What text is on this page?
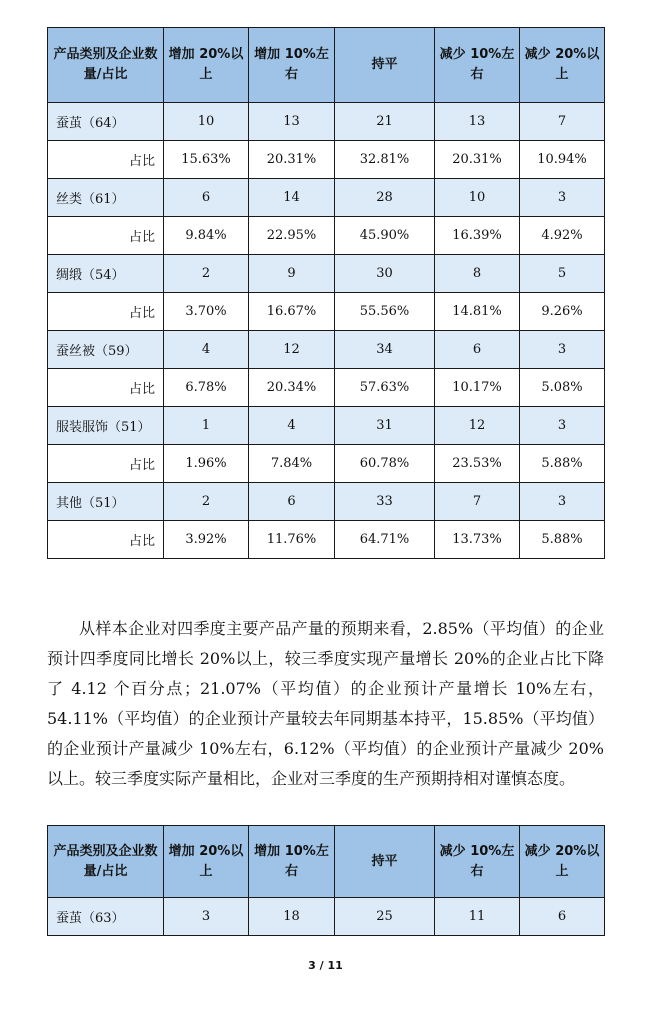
产品类别及企业数量/占比	增加 20%以上	增加 10%左右	持平	减少 10%左右	减少 20%以上
蚕茧（64）	10	13	21	13	7
占比	15.63%	20.31%	32.81%	20.31%	10.94%
丝类（61）	6	14	28	10	3
占比	9.84%	22.95%	45.90%	16.39%	4.92%
绸缎（54）	2	9	30	8	5
占比	3.70%	16.67%	55.56%	14.81%	9.26%
蚕丝被（59）	4	12	34	6	3
占比	6.78%	20.34%	57.63%	10.17%	5.08%
服装服饰（51）	1	4	31	12	3
占比	1.96%	7.84%	60.78%	23.53%	5.88%
其他（51）	2	6	33	7	3
占比	3.92%	11.76%	64.71%	13.73%	5.88%

从样本企业对四季度主要产品产量的预期来看，2.85%（平均值）的企业预计四季度同比增长 20%以上，较三季度实现产量增长 20%的企业占比下降了 4.12 个百分点；21.07%（平均值）的企业预计产量增长 10%左右，54.11%（平均值）的企业预计产量较去年同期基本持平，15.85%（平均值）的企业预计产量减少 10%左右，6.12%（平均值）的企业预计产量减少 20%以上。较三季度实际产量相比，企业对三季度的生产预期持相对谨慎态度。

产品类别及企业数量/占比	增加 20%以上	增加 10%左右	持平	减少 10%左右	减少 20%以上
蚕茧（63）	3	18	25	11	6
3 / 11
